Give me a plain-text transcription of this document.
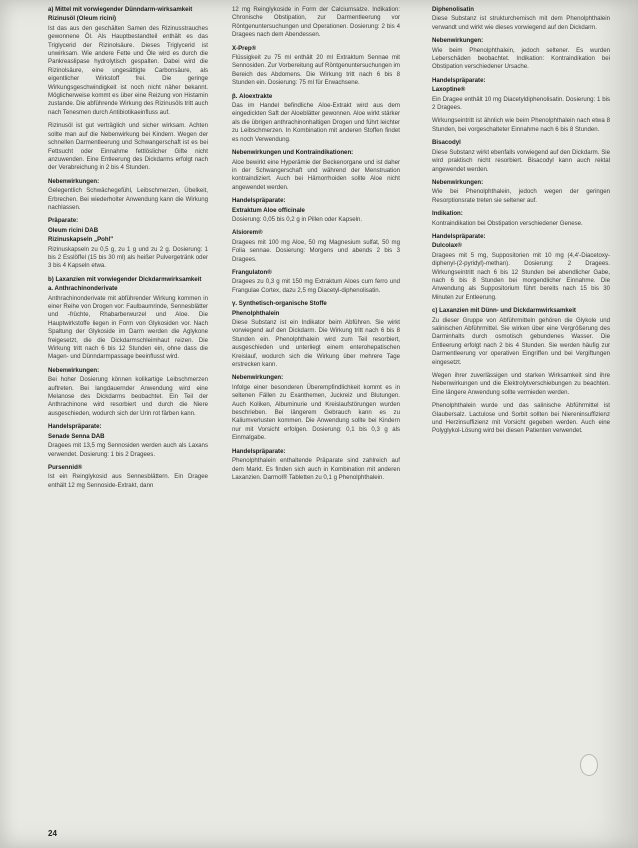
a) Mittel mit vorwiegender Dünndarm-wirksamkeit
Rizinusöl (Oleum ricini)
Ist das aus den geschälten Samen des Rizinusstrauches gewonnene Öl. Als Hauptbestandteil enthält es das Triglycerid der Rizinolsäure. Dieses Triglycerid ist unwirksam. Wie andere Fette und Öle wird es durch die Pankreaslipase hydrolytisch gespalten. Dabei wird die Rizinolsäure, eine ungesättigte Carbonsäure, als eigentlicher Wirkstoff frei. Die geringe Wirkungsgeschwindigkeit ist noch nicht näher bekannt. Möglicherweise kommt es über eine Reizung von Histamin zustande. Die abführende Wirkung des Rizinusöls tritt auch nach Tenesmen durch Antibiotikaeinfluss auf.
Rizinusöl ist gut verträglich und sicher wirksam. Achten sollte man auf die Nebenwirkung bei Kindern. Wegen der schnellen Darmentleerung und Schwangerschaft ist es bei Fettsucht oder Einnahme fettlöslicher Gifte nicht anzuwenden. Eine Entleerung des Dickdarms erfolgt nach der Verabreichung in 2 bis 4 Stunden.
Nebenwirkungen:
Gelegentlich Schwächegefühl, Leibschmerzen, Übelkeit, Erbrechen. Bei wiederholter Anwendung kann die Wirkung nachlassen.
Präparate:
Oleum ricini DAB
Rizinuskapseln „Pohl"
Rizinuskapseln zu 0,5 g, zu 1 g und zu 2 g. Dosierung: 1 bis 2 Esslöffel (15 bis 30 ml) als heißer Pulvergetränk oder 3 bis 4 Kapseln etwa.
b) Laxanzien mit vorwiegender Dickdarmwirksamkeit
a. Anthrachinonderivate
Anthrachinonderivate mit abführender Wirkung kommen in einer Reihe von Drogen vor: Faulbaumrinde, Sennesblätter und -früchte, Rhabarberwurzel und Aloe. Die Hauptwirkstoffe liegen in Form von Glykosiden vor. Nach Spaltung der Glykoside im Darm werden die Aglykone freigesetzt, die die Dickdarmschleimhaut reizen. Die Wirkung tritt nach 6 bis 12 Stunden ein, ohne dass die Magen- und Dünndarmpassage beeinflusst wird.
Nebenwirkungen:
Bei hoher Dosierung können kolikartige Leibschmerzen auftreten. Bei langdauernder Anwendung wird eine Melanose des Dickdarms beobachtet. Ein Teil der Anthrachinone wird resorbiert und durch die Niere ausgeschieden, wodurch sich der Urin rot färben kann.
Handelspräparate:
Senade Senna DAB
Dragees mit 13,5 mg Sennosiden werden auch als Laxans verwendet. Dosierung: 1 bis 2 Dragees.
Pursennid®
Ist ein Reinglykosid aus Sennesblättern. Ein Dragee enthält 12 mg Sennoside-Extrakt, dann
12 mg Reinglykoside in Form der Calciumsalze. Indikation: Chronische Obstipation, zur Darmentleerung vor Röntgenuntersuchungen und Operationen. Dosierung: 2 bis 4 Dragees nach dem Abendessen.
X-Prep®
Flüssigkeit zu 75 ml enthält 20 ml Extraktum Sennae mit Sennosiden. Zur Vorbereitung auf Röntgenuntersuchungen im Bereich des Abdomens. Die Wirkung tritt nach 6 bis 8 Stunden ein. Dosierung: 75 ml für Erwachsene.
β. Aloextrakte
Das im Handel befindliche Aloe-Extrakt wird aus dem eingedickten Saft der Aloeblätter gewonnen. Aloe wirkt stärker als die übrigen anthrachinonhaltigen Drogen und führt leichter zu Leibschmerzen. In Kombination mit anderen Stoffen findet es noch Verwendung.
Nebenwirkungen und Kontraindikationen:
Aloe bewirkt eine Hyperämie der Beckenorgane und ist daher in der Schwangerschaft und während der Menstruation kontraindiziert. Auch bei Hämorrhoiden sollte Aloe nicht angewendet werden.
Handelspräparate:
Extraktum Aloe officinale
Dosierung: 0,05 bis 0,2 g in Pillen oder Kapseln.
Alsiorem®
Dragees mit 100 mg Aloe, 50 mg Magnesium sulfat, 50 mg Folia sennae. Dosierung: Morgens und abends 2 bis 3 Dragees.
Frangulaton®
Dragees zu 0,3 g mit 150 mg Extraktum Aloes cum ferro und Frangulae Cortex, dazu 2,5 mg Diacetyl-diphenolisatin.
γ. Synthetisch-organische Stoffe
Phenolphthalein
Diese Substanz ist ein Indikator beim Abführen. Sie wirkt vorwiegend auf den Dickdarm. Die Wirkung tritt nach 6 bis 8 Stunden ein. Phenolphthalein wird zum Teil resorbiert, ausgeschieden und unterliegt einem enterohepatischen Kreislauf, wodurch sich die Wirkung über mehrere Tage erstrecken kann.
Nebenwirkungen:
Infolge einer besonderen Überempfindlichkeit kommt es in seltenen Fällen zu Exanthemen, Juckreiz und Blutungen. Auch Koliken, Albuminurie und Kreislaufstörungen wurden beschrieben. Bei längerem Gebrauch kann es zu Kaliumverlusten kommen. Die Anwendung sollte bei Kindern nur mit Vorsicht erfolgen. Dosierung: 0,1 bis 0,3 g als Einmalgabe.
Handelspräparate:
Phenolphthalein enthaltende Präparate sind zahlreich auf dem Markt. Es finden sich auch in Kombination mit anderen Laxanzien. Darmol® Tabletten zu 0,1 g Phenolphthalein.
Diphenolisatin
Diese Substanz ist strukturchemisch mit dem Phenolphthalein verwandt und wirkt wie dieses vorwiegend auf den Dickdarm.
Nebenwirkungen:
Wie beim Phenolphthalein, jedoch seltener. Es wurden Leberschäden beobachtet. Indikation: Kontraindikation bei Obstipation verschiedener Ursache.
Handelspräparate:
Laxoptine®
Ein Dragee enthält 10 mg Diacetyldiphenolisatin. Dosierung: 1 bis 2 Dragees.
Wirkungseintritt ist ähnlich wie beim Phenolphthalein nach etwa 8 Stunden, bei vorgeschalteter Einnahme nach 6 bis 8 Stunden.
Bisacodyl
Diese Substanz wirkt ebenfalls vorwiegend auf den Dickdarm. Sie wird praktisch nicht resorbiert. Bisacodyl kann auch rektal angewendet werden.
Nebenwirkungen:
Wie bei Phenolphthalein, jedoch wegen der geringen Resorptionsrate treten sie seltener auf.
Indikation:
Kontraindikation bei Obstipation verschiedener Genese.
Handelspräparate:
Dulcolax®
Dragees mit 5 mg, Suppositorien mit 10 mg (4,4'-Diacetoxy-diphenyl-(2-pyridyl)-methan). Dosierung: 2 Dragees. Wirkungseintritt nach 6 bis 12 Stunden bei abendlicher Gabe, nach 6 bis 8 Stunden bei morgendlicher Einnahme. Die Anwendung als Suppositorium führt bereits nach 15 bis 30 Minuten zur Entleerung.
c) Laxanzien mit Dünn- und Dickdarmwirksamkeit
Zu dieser Gruppe von Abführmitteln gehören die Glykole und salinischen Abführmittel. Sie wirken über eine Vergrößerung des Darminhalts durch osmotisch gebundenes Wasser. Die Entleerung erfolgt nach 2 bis 4 Stunden. Sie werden häufig zur Darmentleerung vor operativen Eingriffen und bei Vergiftungen eingesetzt.
Wegen ihrer zuverlässigen und starken Wirksamkeit sind ihre Nebenwirkungen und die Elektrolytverschiebungen zu beachten. Eine längere Anwendung sollte vermieden werden.
Phenolphthalein wurde und das salinische Abführmittel ist Glaubersalz. Lactulose und Sorbit sollten bei Niereninsuffizienz und Herzinsuffizienz mit Vorsicht gegeben werden. Auch eine Polyglykol-Lösung wird bei diesen Patienten verwendet.
24
